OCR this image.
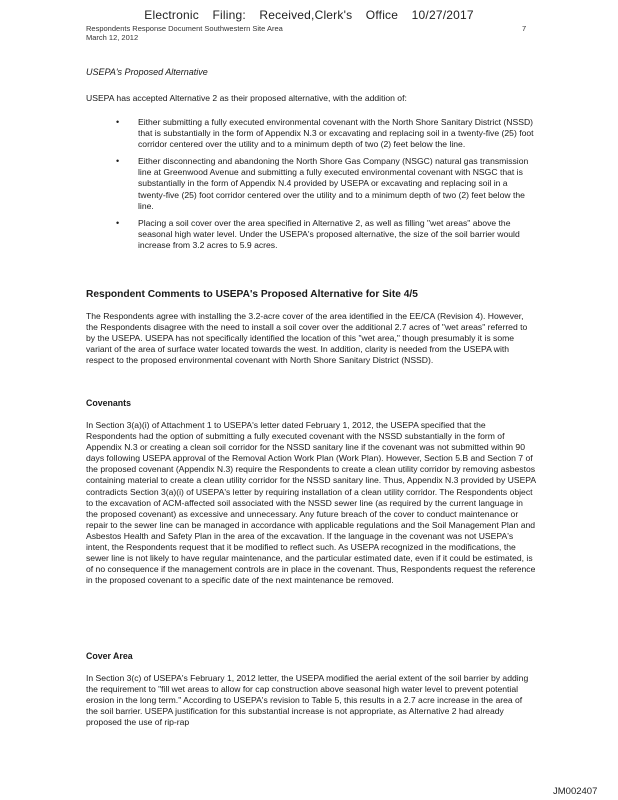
Electronic Filing: Received,Clerk's Office 10/27/2017
Respondents Response Document Southwestern Site Area
March 12, 2012
7
USEPA's Proposed Alternative

USEPA has accepted Alternative 2 as their proposed alternative, with the addition of:

• Either submitting a fully executed environmental covenant with the North Shore Sanitary District (NSSD) that is substantially in the form of Appendix N.3 or excavating and replacing soil in a twenty-five (25) foot corridor centered over the utility and to a minimum depth of two (2) feet below the line.
• Either disconnecting and abandoning the North Shore Gas Company (NSGC) natural gas transmission line at Greenwood Avenue and submitting a fully executed environmental covenant with NSGC that is substantially in the form of Appendix N.4 provided by USEPA or excavating and replacing soil in a twenty-five (25) foot corridor centered over the utility and to a minimum depth of two (2) feet below the line.
• Placing a soil cover over the area specified in Alternative 2, as well as filling "wet areas" above the seasonal high water level. Under the USEPA's proposed alternative, the size of the soil barrier would increase from 3.2 acres to 5.9 acres.
Respondent Comments to USEPA's Proposed Alternative for Site 4/5

The Respondents agree with installing the 3.2-acre cover of the area identified in the EE/CA (Revision 4). However, the Respondents disagree with the need to install a soil cover over the additional 2.7 acres of "wet areas" referred to by the USEPA. USEPA has not specifically identified the location of this "wet area," though presumably it is some variant of the area of surface water located towards the west. In addition, clarity is needed from the USEPA with respect to the proposed environmental covenant with North Shore Sanitary District (NSSD).

Covenants

In Section 3(a)(i) of Attachment 1 to USEPA's letter dated February 1, 2012, the USEPA specified that the Respondents had the option of submitting a fully executed covenant with the NSSD substantially in the form of Appendix N.3 or creating a clean soil corridor for the NSSD sanitary line if the covenant was not submitted within 90 days following USEPA approval of the Removal Action Work Plan (Work Plan). However, Section 5.B and Section 7 of the proposed covenant (Appendix N.3) require the Respondents to create a clean utility corridor by removing asbestos containing material to create a clean utility corridor for the NSSD sanitary line. Thus, Appendix N.3 provided by USEPA contradicts Section 3(a)(i) of USEPA's letter by requiring installation of a clean utility corridor. The Respondents object to the excavation of ACM-affected soil associated with the NSSD sewer line (as required by the current language in the proposed covenant) as excessive and unnecessary. Any future breach of the cover to conduct maintenance or repair to the sewer line can be managed in accordance with applicable regulations and the Soil Management Plan and Asbestos Health and Safety Plan in the area of the excavation. If the language in the covenant was not USEPA's intent, the Respondents request that it be modified to reflect such. As USEPA recognized in the modifications, the sewer line is not likely to have regular maintenance, and the particular estimated date, even if it could be estimated, is of no consequence if the management controls are in place in the covenant. Thus, Respondents request the reference in the proposed covenant to a specific date of the next maintenance be removed.

Cover Area

In Section 3(c) of USEPA's February 1, 2012 letter, the USEPA modified the aerial extent of the soil barrier by adding the requirement to "fill wet areas to allow for cap construction above seasonal high water level to prevent potential erosion in the long term." According to USEPA's revision to Table 5, this results in a 2.7 acre increase in the area of the soil barrier. USEPA justification for this substantial increase is not appropriate, as Alternative 2 had already proposed the use of rip-rap

JM002407
